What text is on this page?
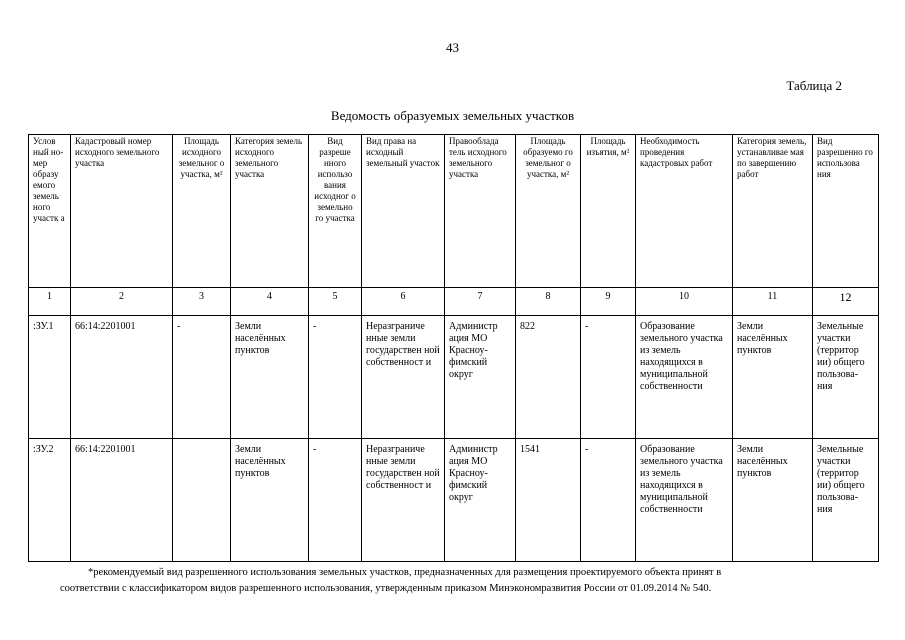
43
Таблица 2
Ведомость образуемых земельных участков
Услов ный но- мер образу емого земель ного участк а	Кадастровый номер исходного земельного участка	Площадь исходного земельног о участка, м²	Категория земель исходного земельного участка	Вид разреше нного использо вания исходног о земельно го участка	Вид права на исходный земельный участок	Правооблада тель исходного земельного участка	Площадь образуемо го земельног о участка, м²	Площадь изъятия, м²	Необходимость проведения кадастровых работ	Категория земель, устанавливае мая по завершению работ	Вид разрешенно го использова ния
1	2	3	4	5	6	7	8	9	10	11	12
:ЗУ.1	66:14:2201001	-	Земли населённых пунктов	-	Неразграниче нные земли государствен ной собственност и	Администр ация МО Красноу- фимский округ	822	-	Образование земельного участка из земель находящихся в муниципальной собственности	Земли населённых пунктов	Земельные участки (территор ии) общего пользова- ния
:ЗУ.2	66:14:2201001		Земли населённых пунктов	-	Неразграниче нные земли государствен ной собственност и	Администр ация МО Красноу- фимский округ	1541	-	Образование земельного участка из земель находящихся в муниципальной собственности	Земли населённых пунктов	Земельные участки (территор ии) общего пользова- ния
*рекомендуемый вид разрешенного использования земельных участков, предназначенных для размещения проектируемого объекта принят в
соответствии с классификатором видов разрешенного использования, утвержденным приказом Минэкономразвития России от 01.09.2014 № 540.
